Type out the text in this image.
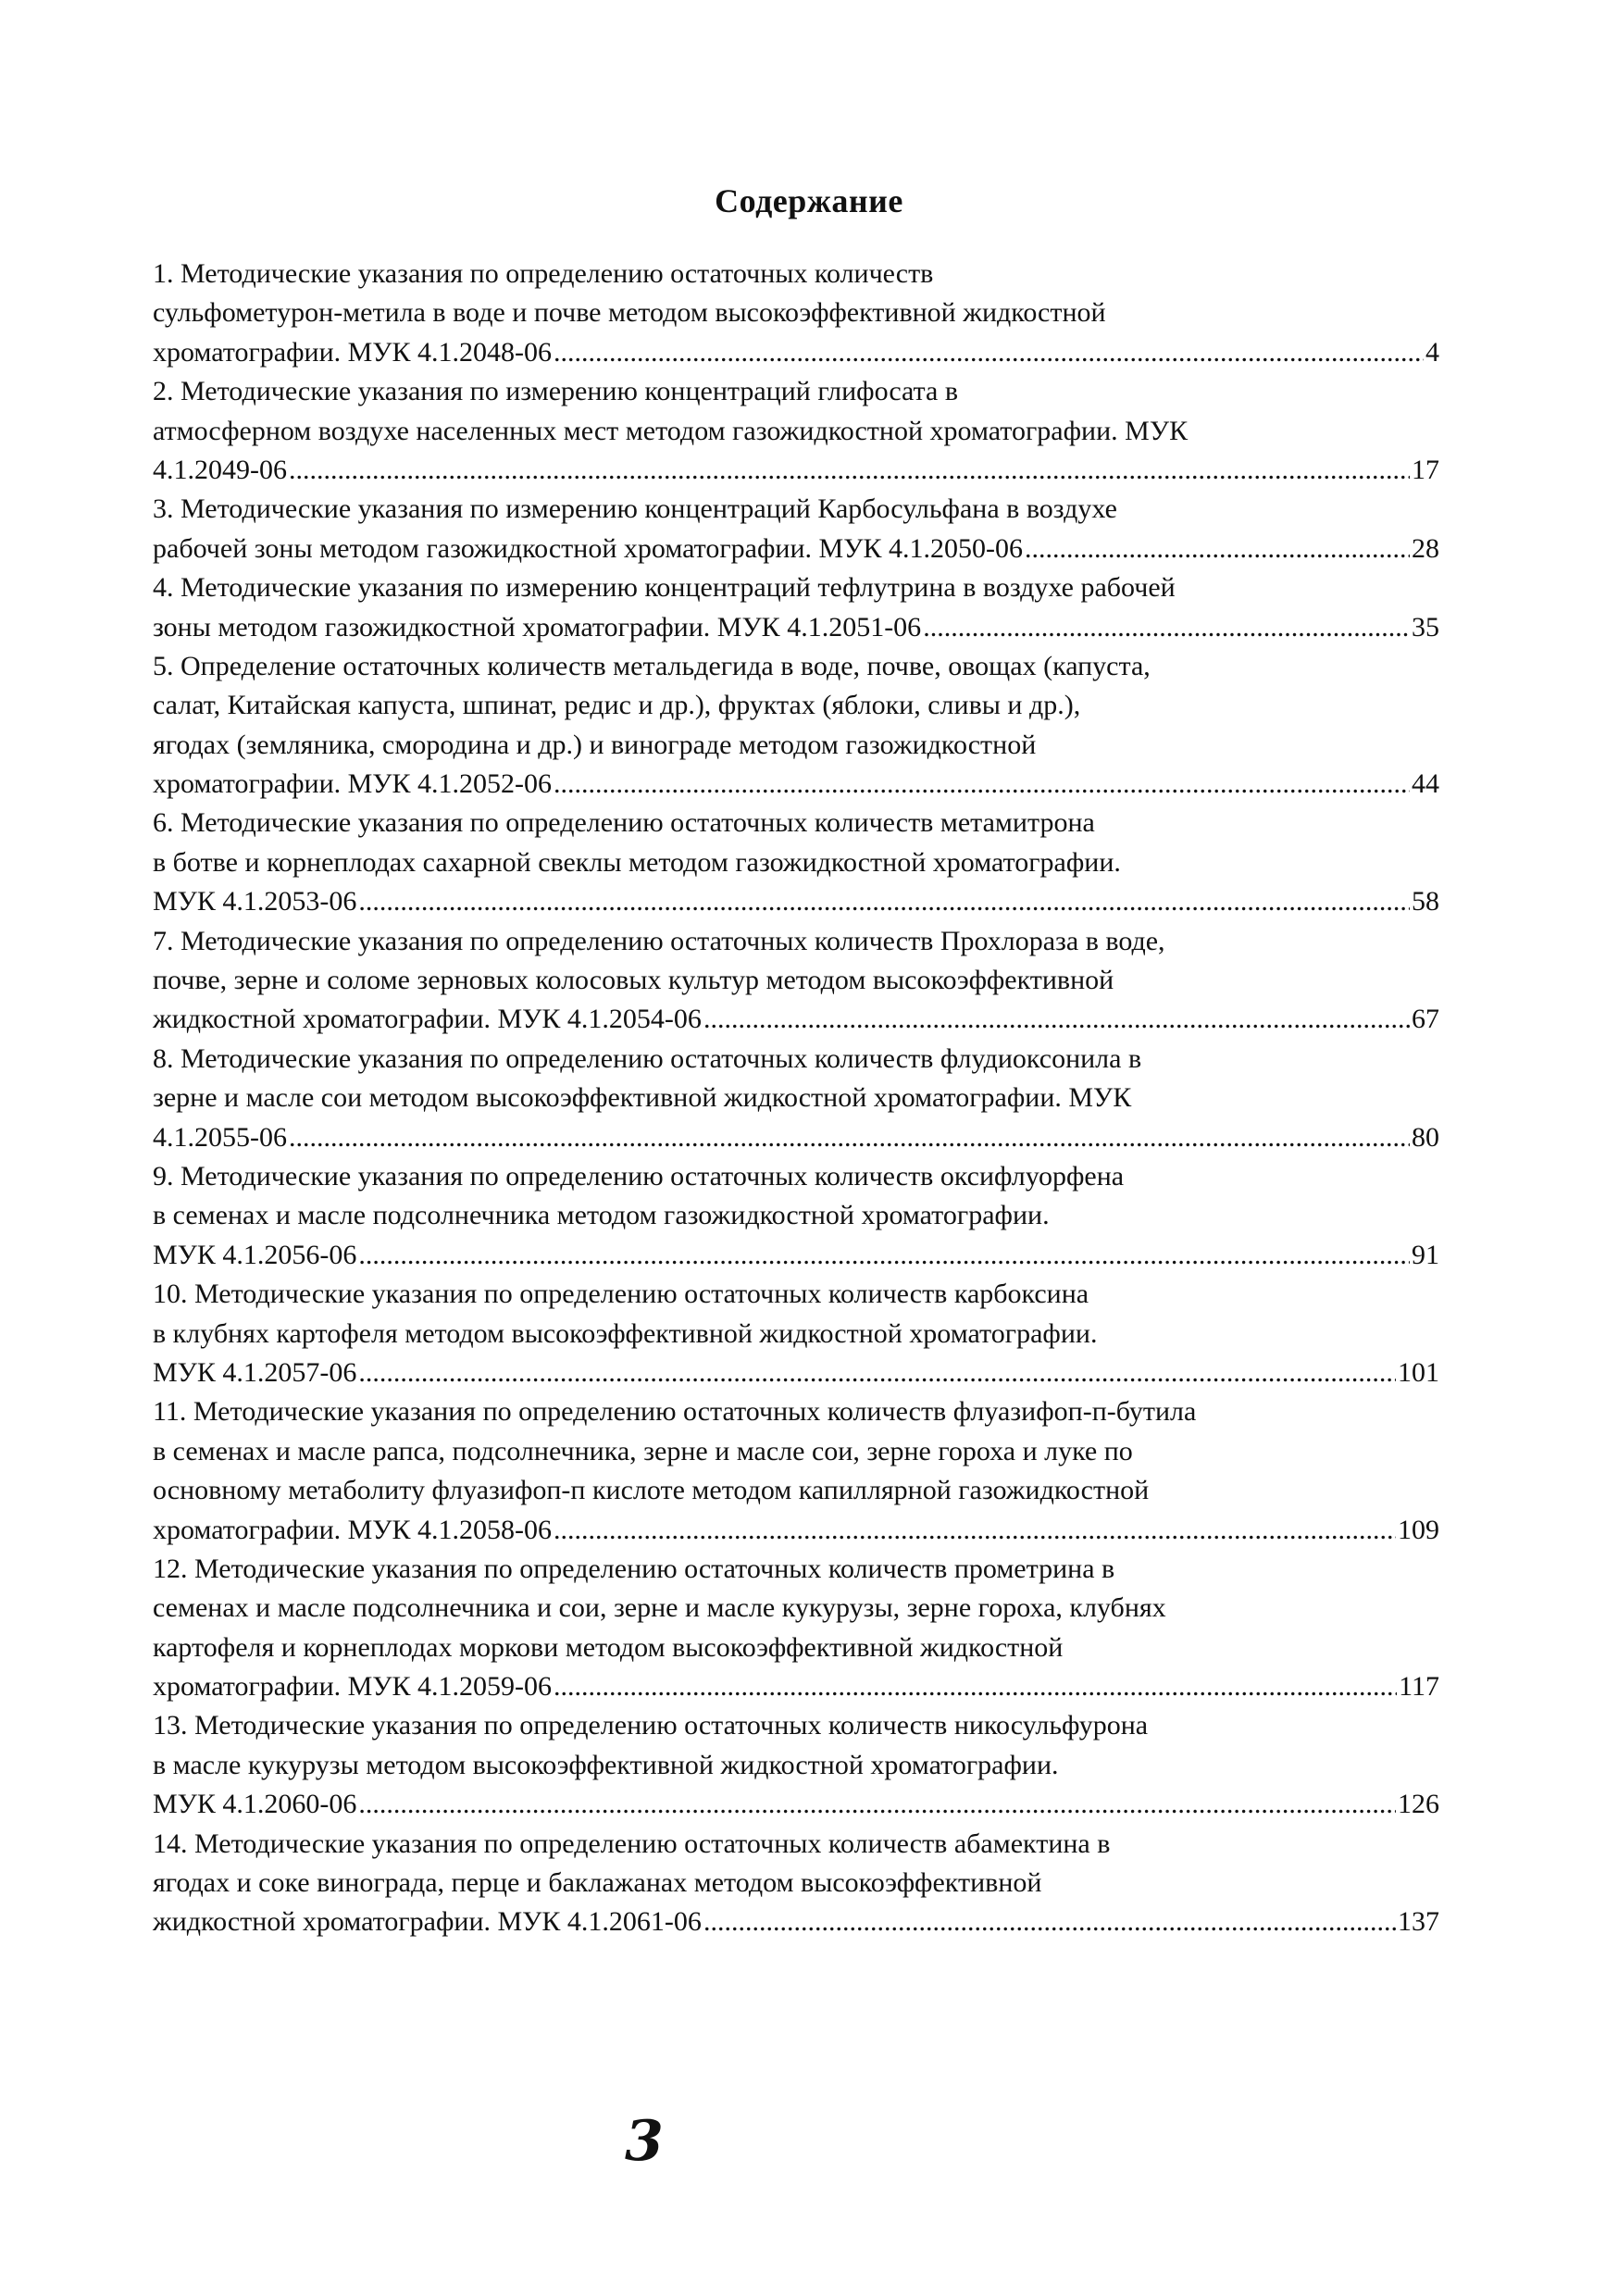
Содержание
1. Методические указания по определению остаточных количеств
сульфометурон-метила в воде и почве методом высокоэффективной жидкостной
хроматографии. МУК 4.1.2048-06 .....	4
2. Методические указания по измерению концентраций глифосата в
атмосферном воздухе населенных мест методом газожидкостной хроматографии. МУК
4.1.2049-06 .....	17
3. Методические указания по измерению концентраций Карбосульфана в воздухе
рабочей зоны методом газожидкостной хроматографии. МУК 4.1.2050-06 .....	28
4. Методические указания по измерению концентраций тефлутрина в воздухе рабочей
зоны методом газожидкостной хроматографии. МУК 4.1.2051-06 .....	35
5. Определение остаточных количеств метальдегида в воде, почве, овощах (капуста,
салат, Китайская капуста, шпинат, редис и др.), фруктах (яблоки, сливы и др.),
ягодах (земляника, смородина и др.) и винограде методом газожидкостной
хроматографии. МУК 4.1.2052-06 .....	44
6. Методические указания по определению остаточных количеств метамитрона
в ботве и корнеплодах сахарной свеклы методом газожидкостной хроматографии.
МУК 4.1.2053-06 .....	58
7. Методические указания по определению остаточных количеств Прохлораза в воде,
почве, зерне и соломе зерновых колосовых культур методом высокоэффективной
жидкостной хроматографии. МУК 4.1.2054-06 .....	67
8. Методические указания по определению остаточных количеств флудиоксонила в
зерне и масле сои методом высокоэффективной жидкостной хроматографии. МУК
4.1.2055-06 .....	80
9. Методические указания по определению остаточных количеств оксифлуорфена
в семенах и масле подсолнечника методом газожидкостной хроматографии.
МУК 4.1.2056-06 .....	91
10. Методические указания по определению остаточных количеств карбоксина
в клубнях картофеля методом высокоэффективной жидкостной хроматографии.
МУК 4.1.2057-06 .....	101
11. Методические указания по определению остаточных количеств флуазифоп-п-бутила
в семенах и масле рапса, подсолнечника, зерне и масле сои, зерне гороха и луке по
основному метаболиту флуазифоп-п кислоте методом капиллярной газожидкостной
хроматографии. МУК 4.1.2058-06 .....	109
12. Методические указания по определению остаточных количеств прометрина в
семенах и масле подсолнечника и сои, зерне и масле кукурузы, зерне гороха, клубнях
картофеля и корнеплодах моркови методом высокоэффективной жидкостной
хроматографии. МУК 4.1.2059-06 .....	117
13. Методические указания по определению остаточных количеств никосульфурона
в масле кукурузы методом высокоэффективной жидкостной хроматографии.
МУК 4.1.2060-06 .....	126
14. Методические указания по определению остаточных количеств абамектина в
ягодах и соке винограда, перце и баклажанах методом высокоэффективной
жидкостной хроматографии. МУК 4.1.2061-06 .....	137
3
